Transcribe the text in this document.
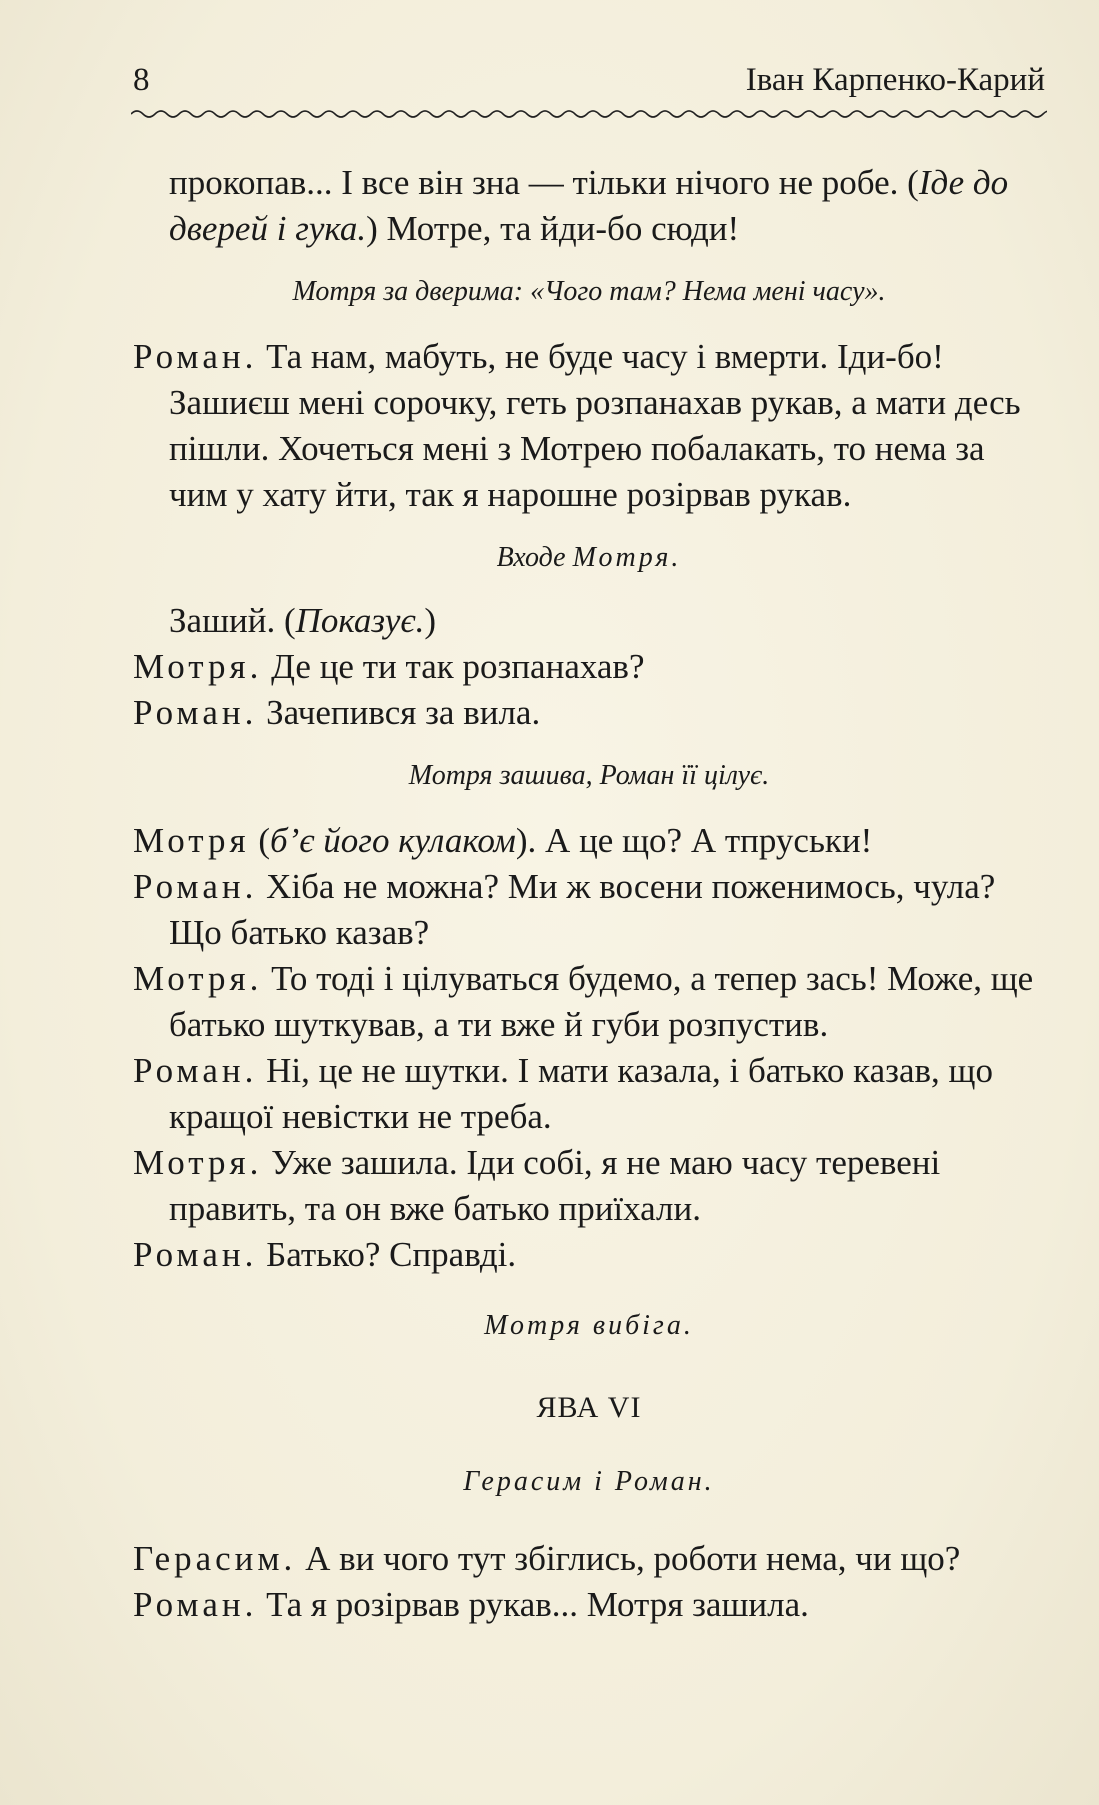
8	Іван Карпенко-Карий

прокопав... І все він зна — тільки нічого не робе. (Іде до дверей і гука.) Мотре, та йди-бо сюди!

Мотря за дверима: «Чого там? Нема мені часу».

Роман. Та нам, мабуть, не буде часу і вмерти. Іди-бо! Зашиєш мені сорочку, геть розпанахав рукав, а мати десь пішли. Хочеться мені з Мотрею побалакать, то нема за чим у хату йти, так я нарошне розірвав рукав.

Входе Мотря.

Заший. (Показує.)

Мотря. Де це ти так розпанахав?

Роман. Зачепився за вила.

Мотря зашива, Роман її цілує.

Мотря (б’є його кулаком). А це що? А тпруськи!

Роман. Хіба не можна? Ми ж восени поженимось, чула? Що батько казав?

Мотря. То тоді і цілуваться будемо, а тепер засьǃ Може, ще батько шуткував, а ти вже й губи розпустив.

Роман. Ні, це не шутки. І мати казала, і батько казав, що кращої невістки не треба.

Мотря. Уже зашила. Іди собі, я не маю часу теревені править, та он вже батько приїхали.

Роман. Батько? Справді.

Мотря вибіга.

ЯВА VI

Герасим і Роман.

Герасим. А ви чого тут збіглись, роботи нема, чи що?

Роман. Та я розірвав рукав... Мотря зашила.
